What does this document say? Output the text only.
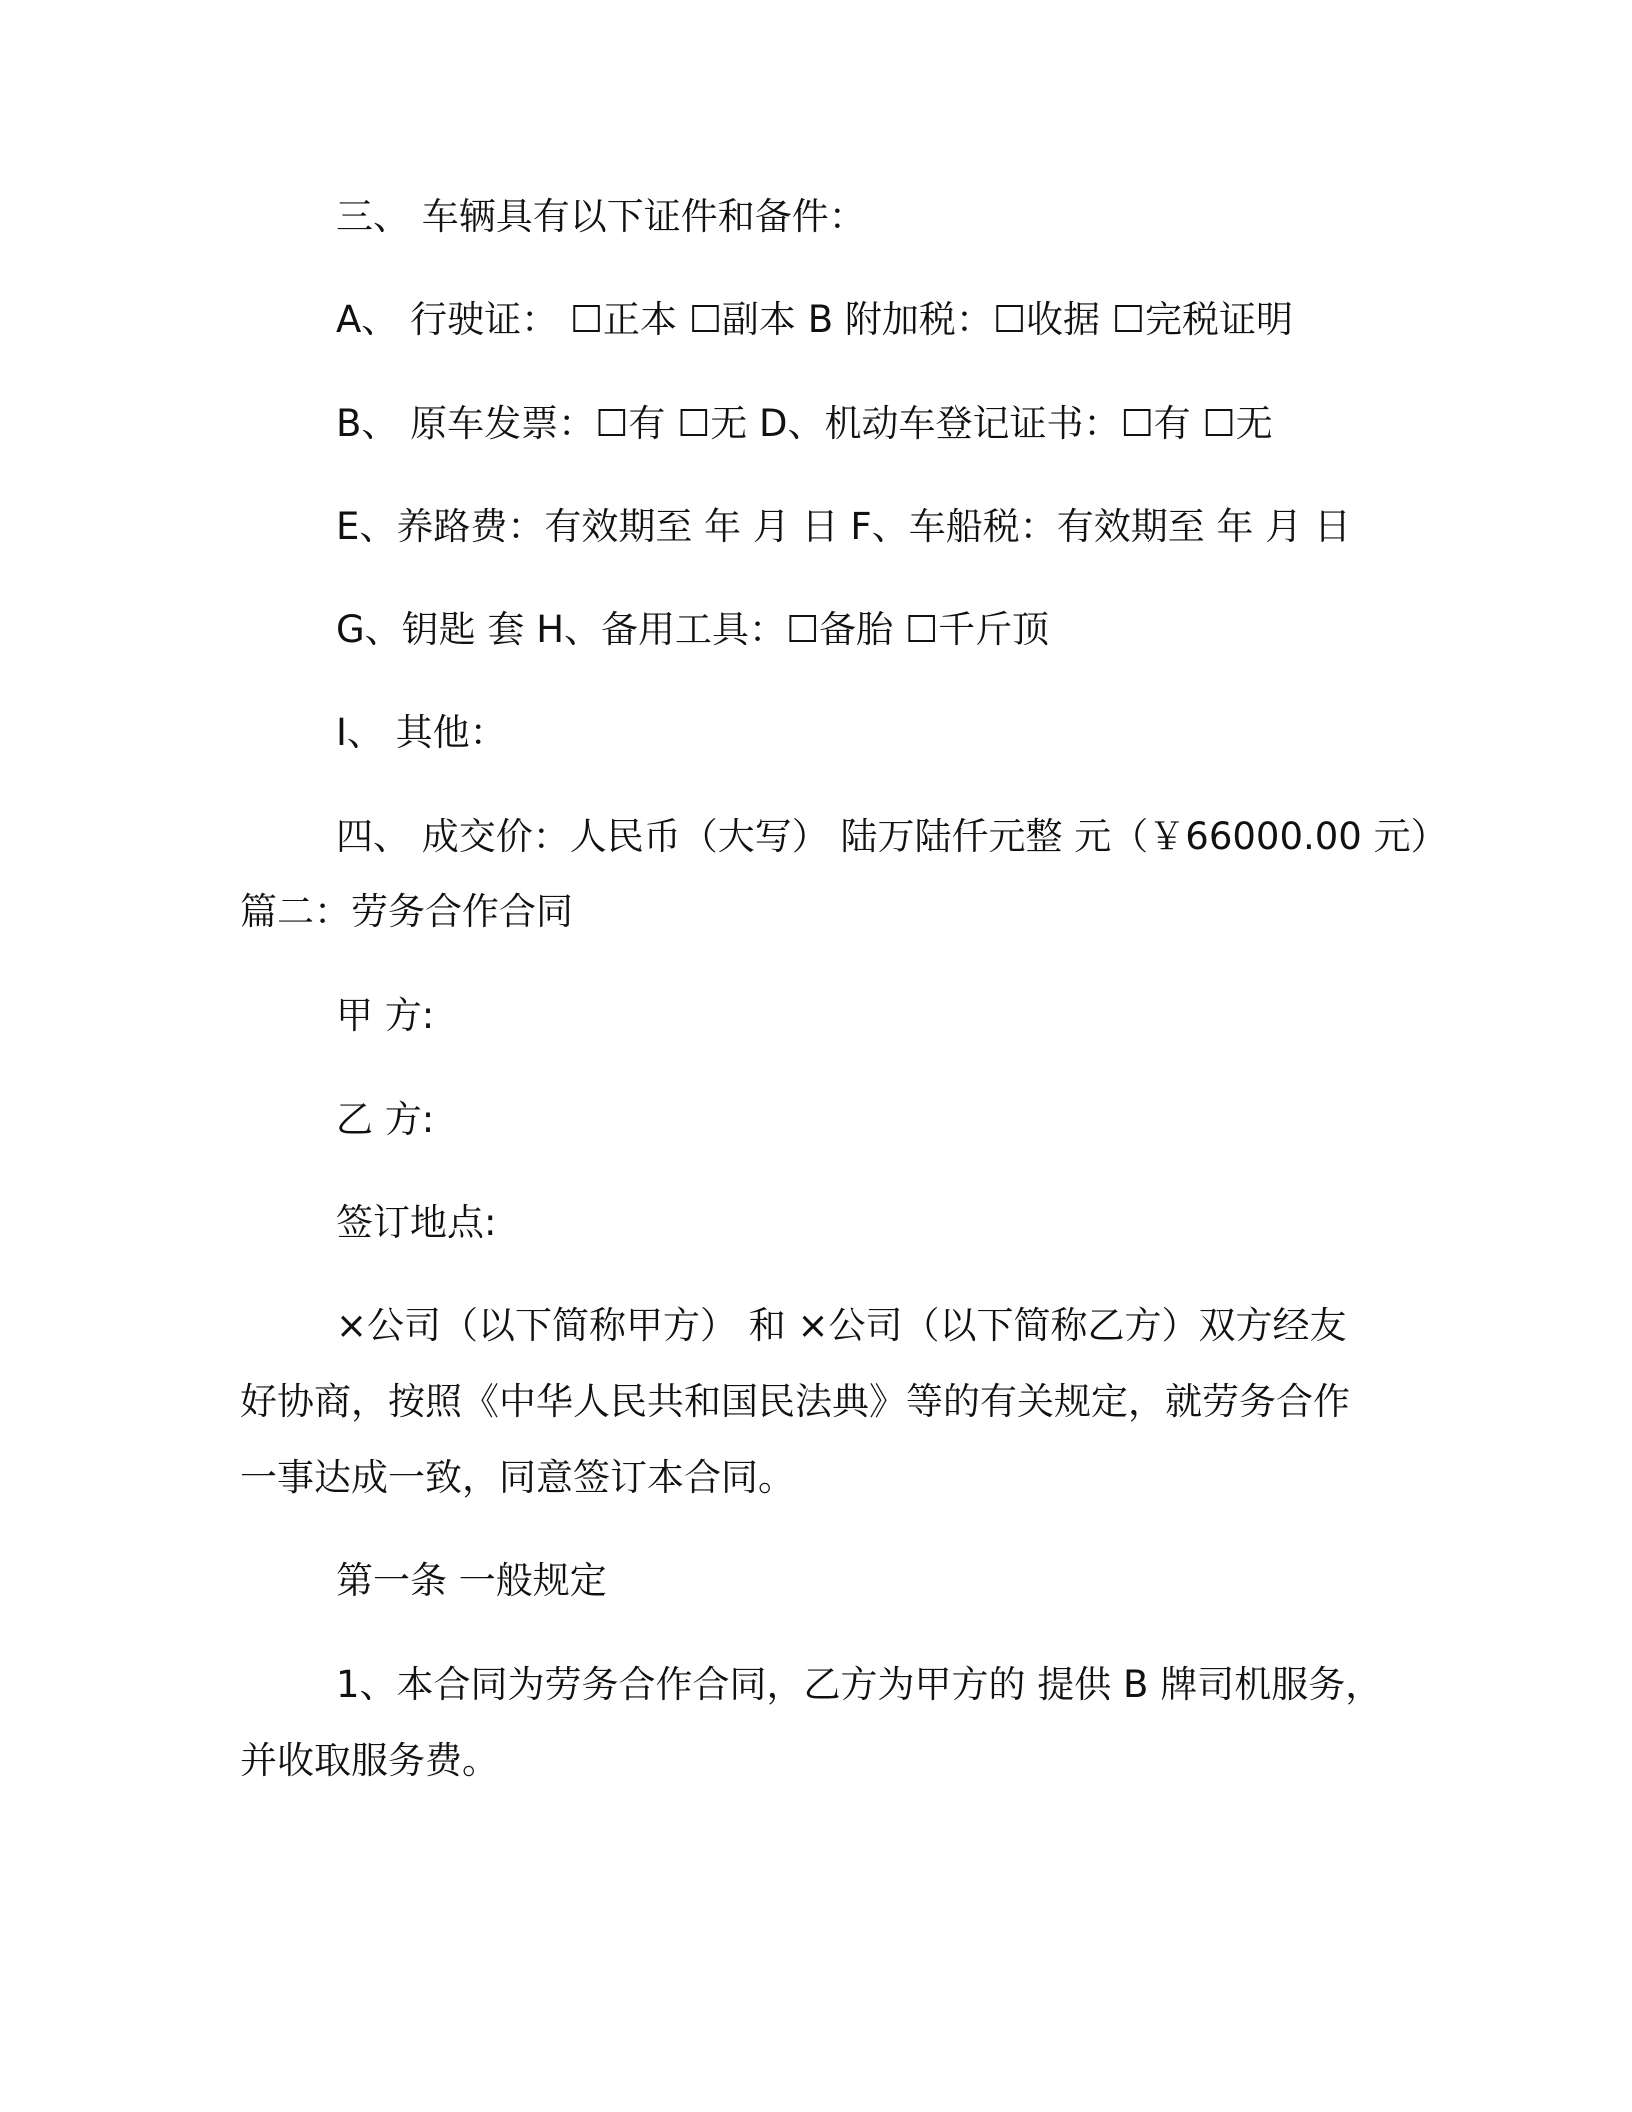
三、 车辆具有以下证件和备件：
A、 行驶证： ☐正本 ☐副本 B 附加税：☐收据 ☐完税证明
B、 原车发票：☐有 ☐无 D、机动车登记证书：☐有 ☐无
E、养路费：有效期至 年 月 日 F、车船税：有效期至 年 月 日
G、钥匙 套 H、备用工具：☐备胎 ☐千斤顶
I、 其他：
四、 成交价：人民币（大写） 陆万陆仟元整 元（￥66000.00 元）
篇二：劳务合作合同
甲 方:
乙 方:
签订地点:
×公司（以下简称甲方） 和 ×公司（以下简称乙方）双方经友
好协商，按照《中华人民共和国民法典》等的有关规定，就劳务合作
一事达成一致，同意签订本合同。
第一条 一般规定
1、本合同为劳务合作合同，乙方为甲方的 提供 B 牌司机服务，
并收取服务费。
